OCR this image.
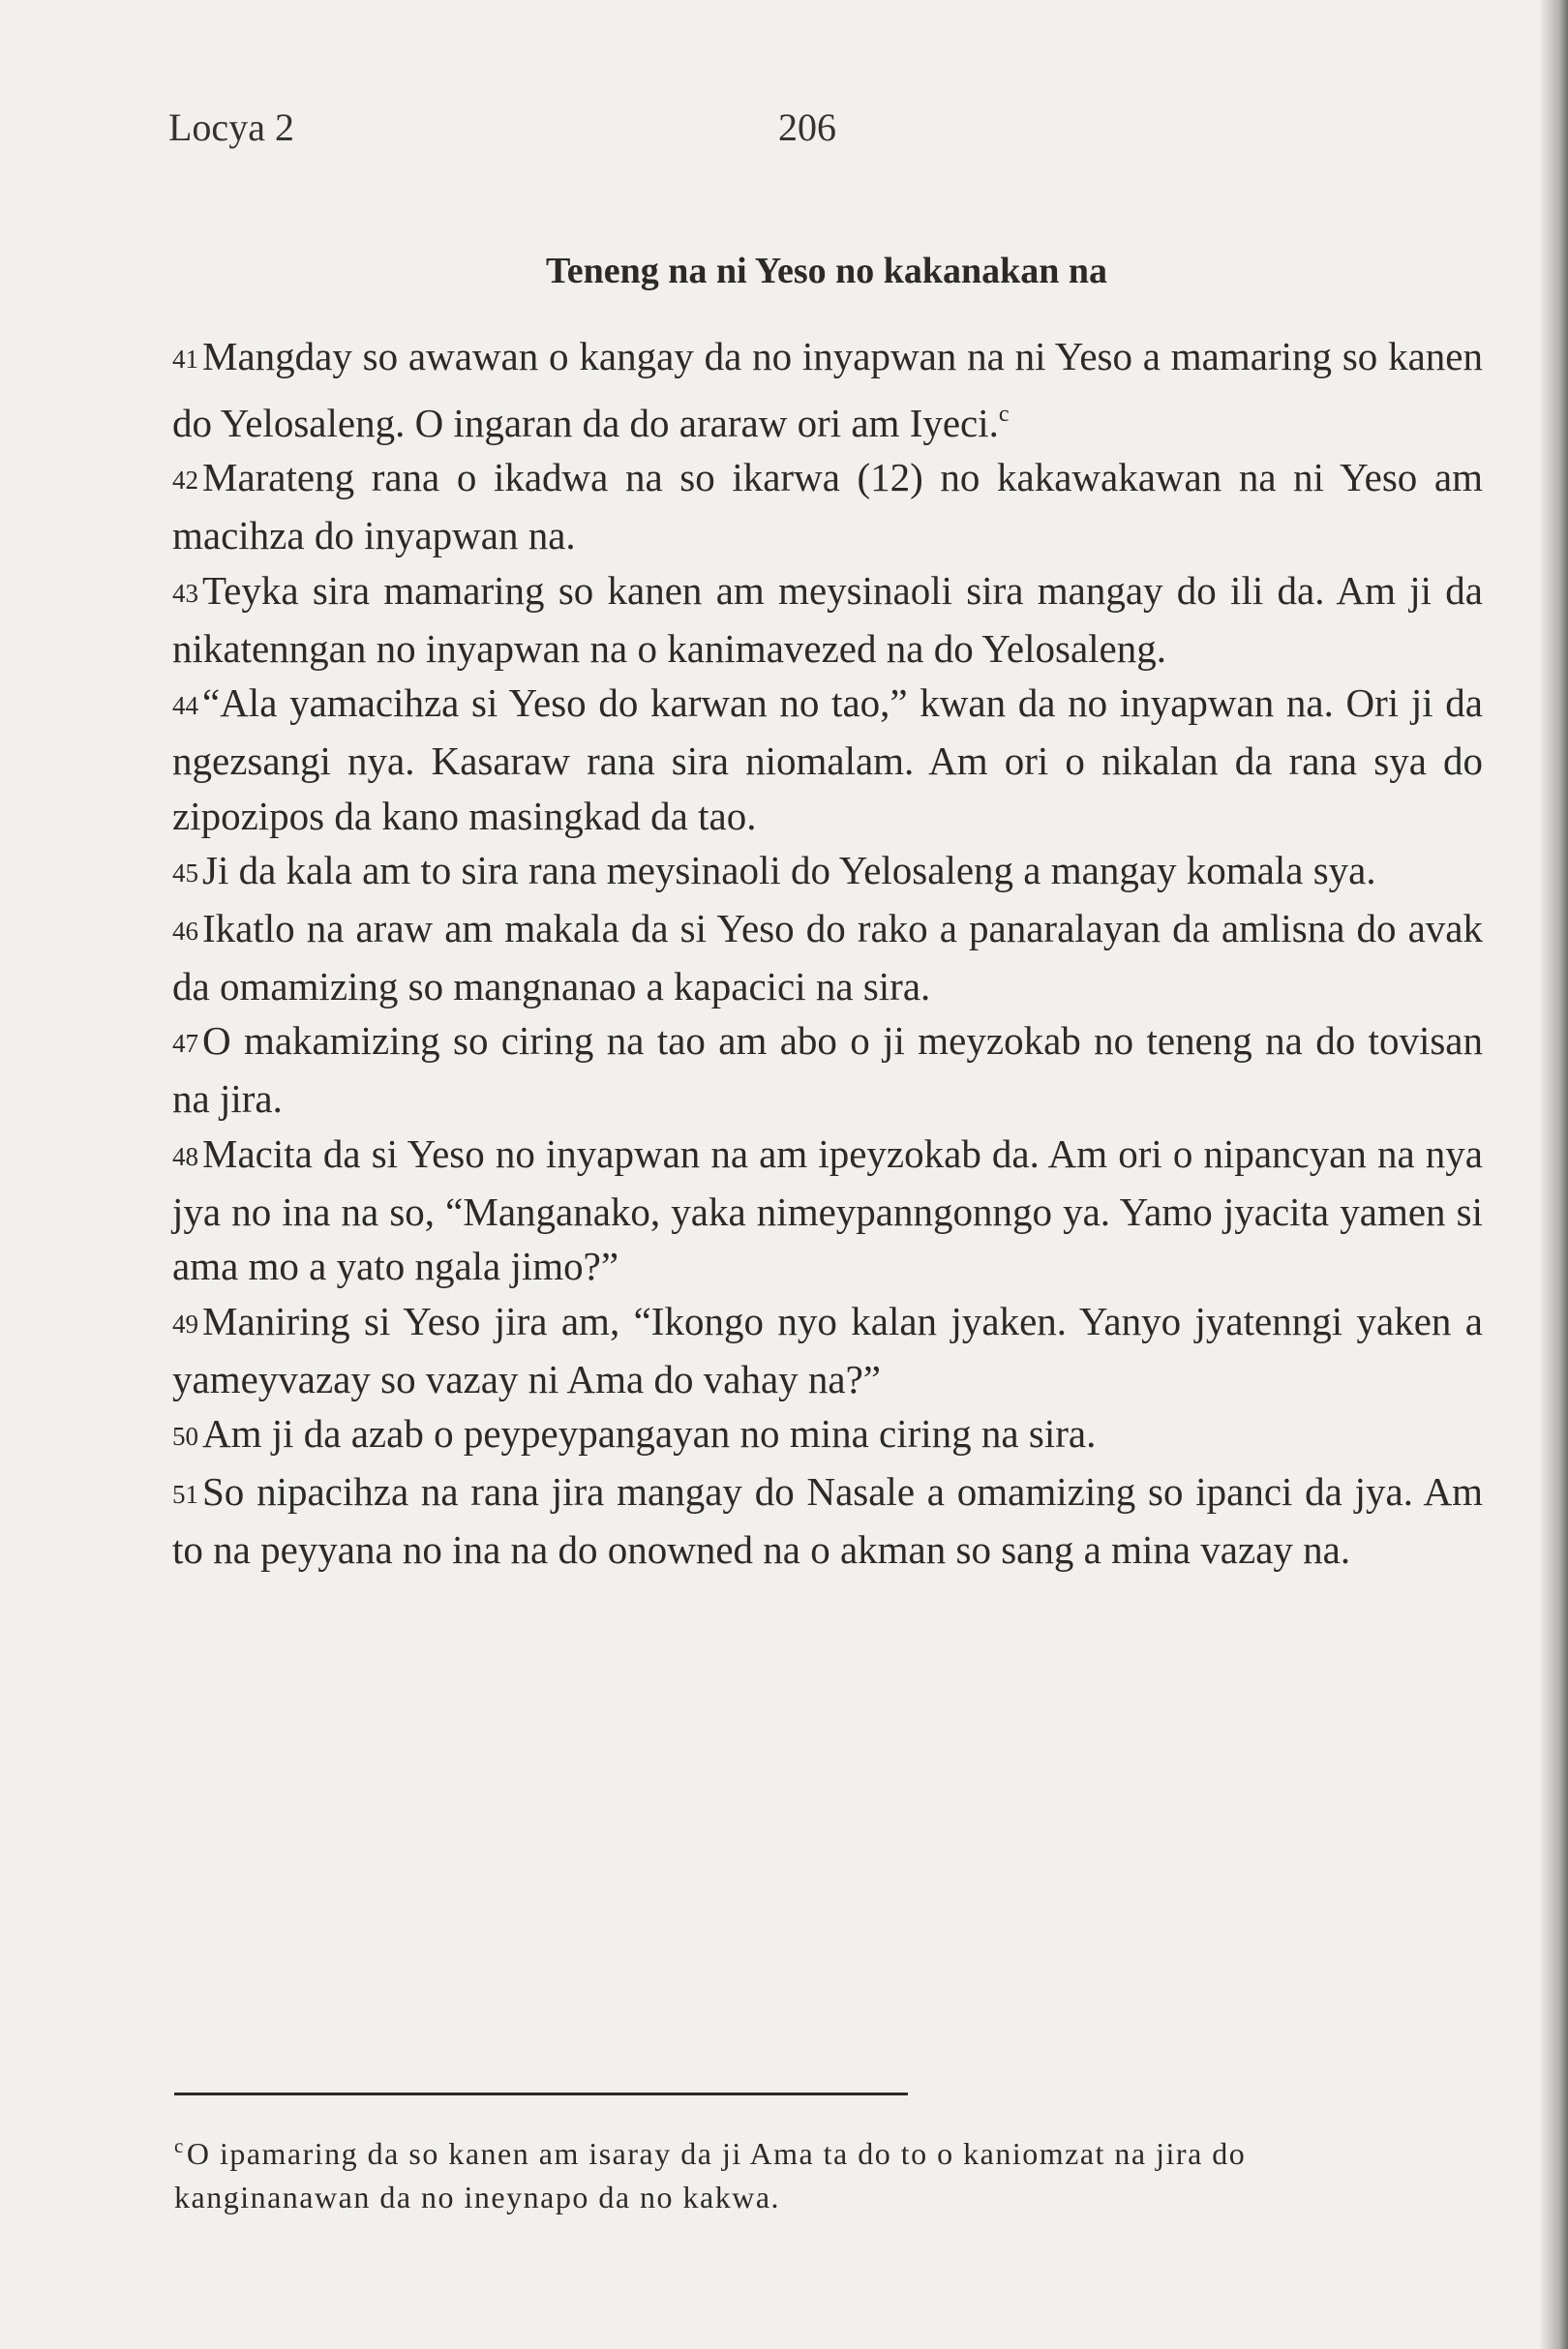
Locya 2	206
Teneng na ni Yeso no kakanakan na

41Mangday so awawan o kangay da no inyapwan na ni Yeso a mamaring so kanen do Yelosaleng. O ingaran da do araraw ori am Iyeci.$^c$

42Marateng rana o ikadwa na so ikarwa (12) no kakawakawan na ni Yeso am macihza do inyapwan na.

43Teyka sira mamaring so kanen am meysinaoli sira mangay do ili da. Am ji da nikatenngan no inyapwan na o kanimavezed na do Yelosaleng.

44“Ala yamacihza si Yeso do karwan no tao,” kwan da no inyapwan na. Ori ji da ngezsangi nya. Kasaraw rana sira niomalam. Am ori o nikalan da rana sya do zipozipos da kano masingkad da tao.

45Ji da kala am to sira rana meysinaoli do Yelosaleng a mangay komala sya.

46Ikatlo na araw am makala da si Yeso do rako a panaralayan da amlisna do avak da omamizing so mangnanao a kapacici na sira.

47O makamizing so ciring na tao am abo o ji meyzokab no teneng na do tovisan na jira.

48Macita da si Yeso no inyapwan na am ipeyzokab da. Am ori o nipancyan na nya jya no ina na so, “Manganako, yaka nimeypanngonngo ya. Yamo jyacita yamen si ama mo a yato ngala jimo?”

49Maniring si Yeso jira am, “Ikongo nyo kalan jyaken. Yanyo jyatenngi yaken a yameyvazay so vazay ni Ama do vahay na?”

50Am ji da azab o peypeypangayan no mina ciring na sira.

51So nipacihza na rana jira mangay do Nasale a omamizing so ipanci da jya. Am to na peyyana no ina na do onowned na o akman so sang a mina vazay na.

$^c$O ipamaring da so kanen am isaray da ji Ama ta do to o kaniomzat na jira do kanginanawan da no ineynapo da no kakwa.
